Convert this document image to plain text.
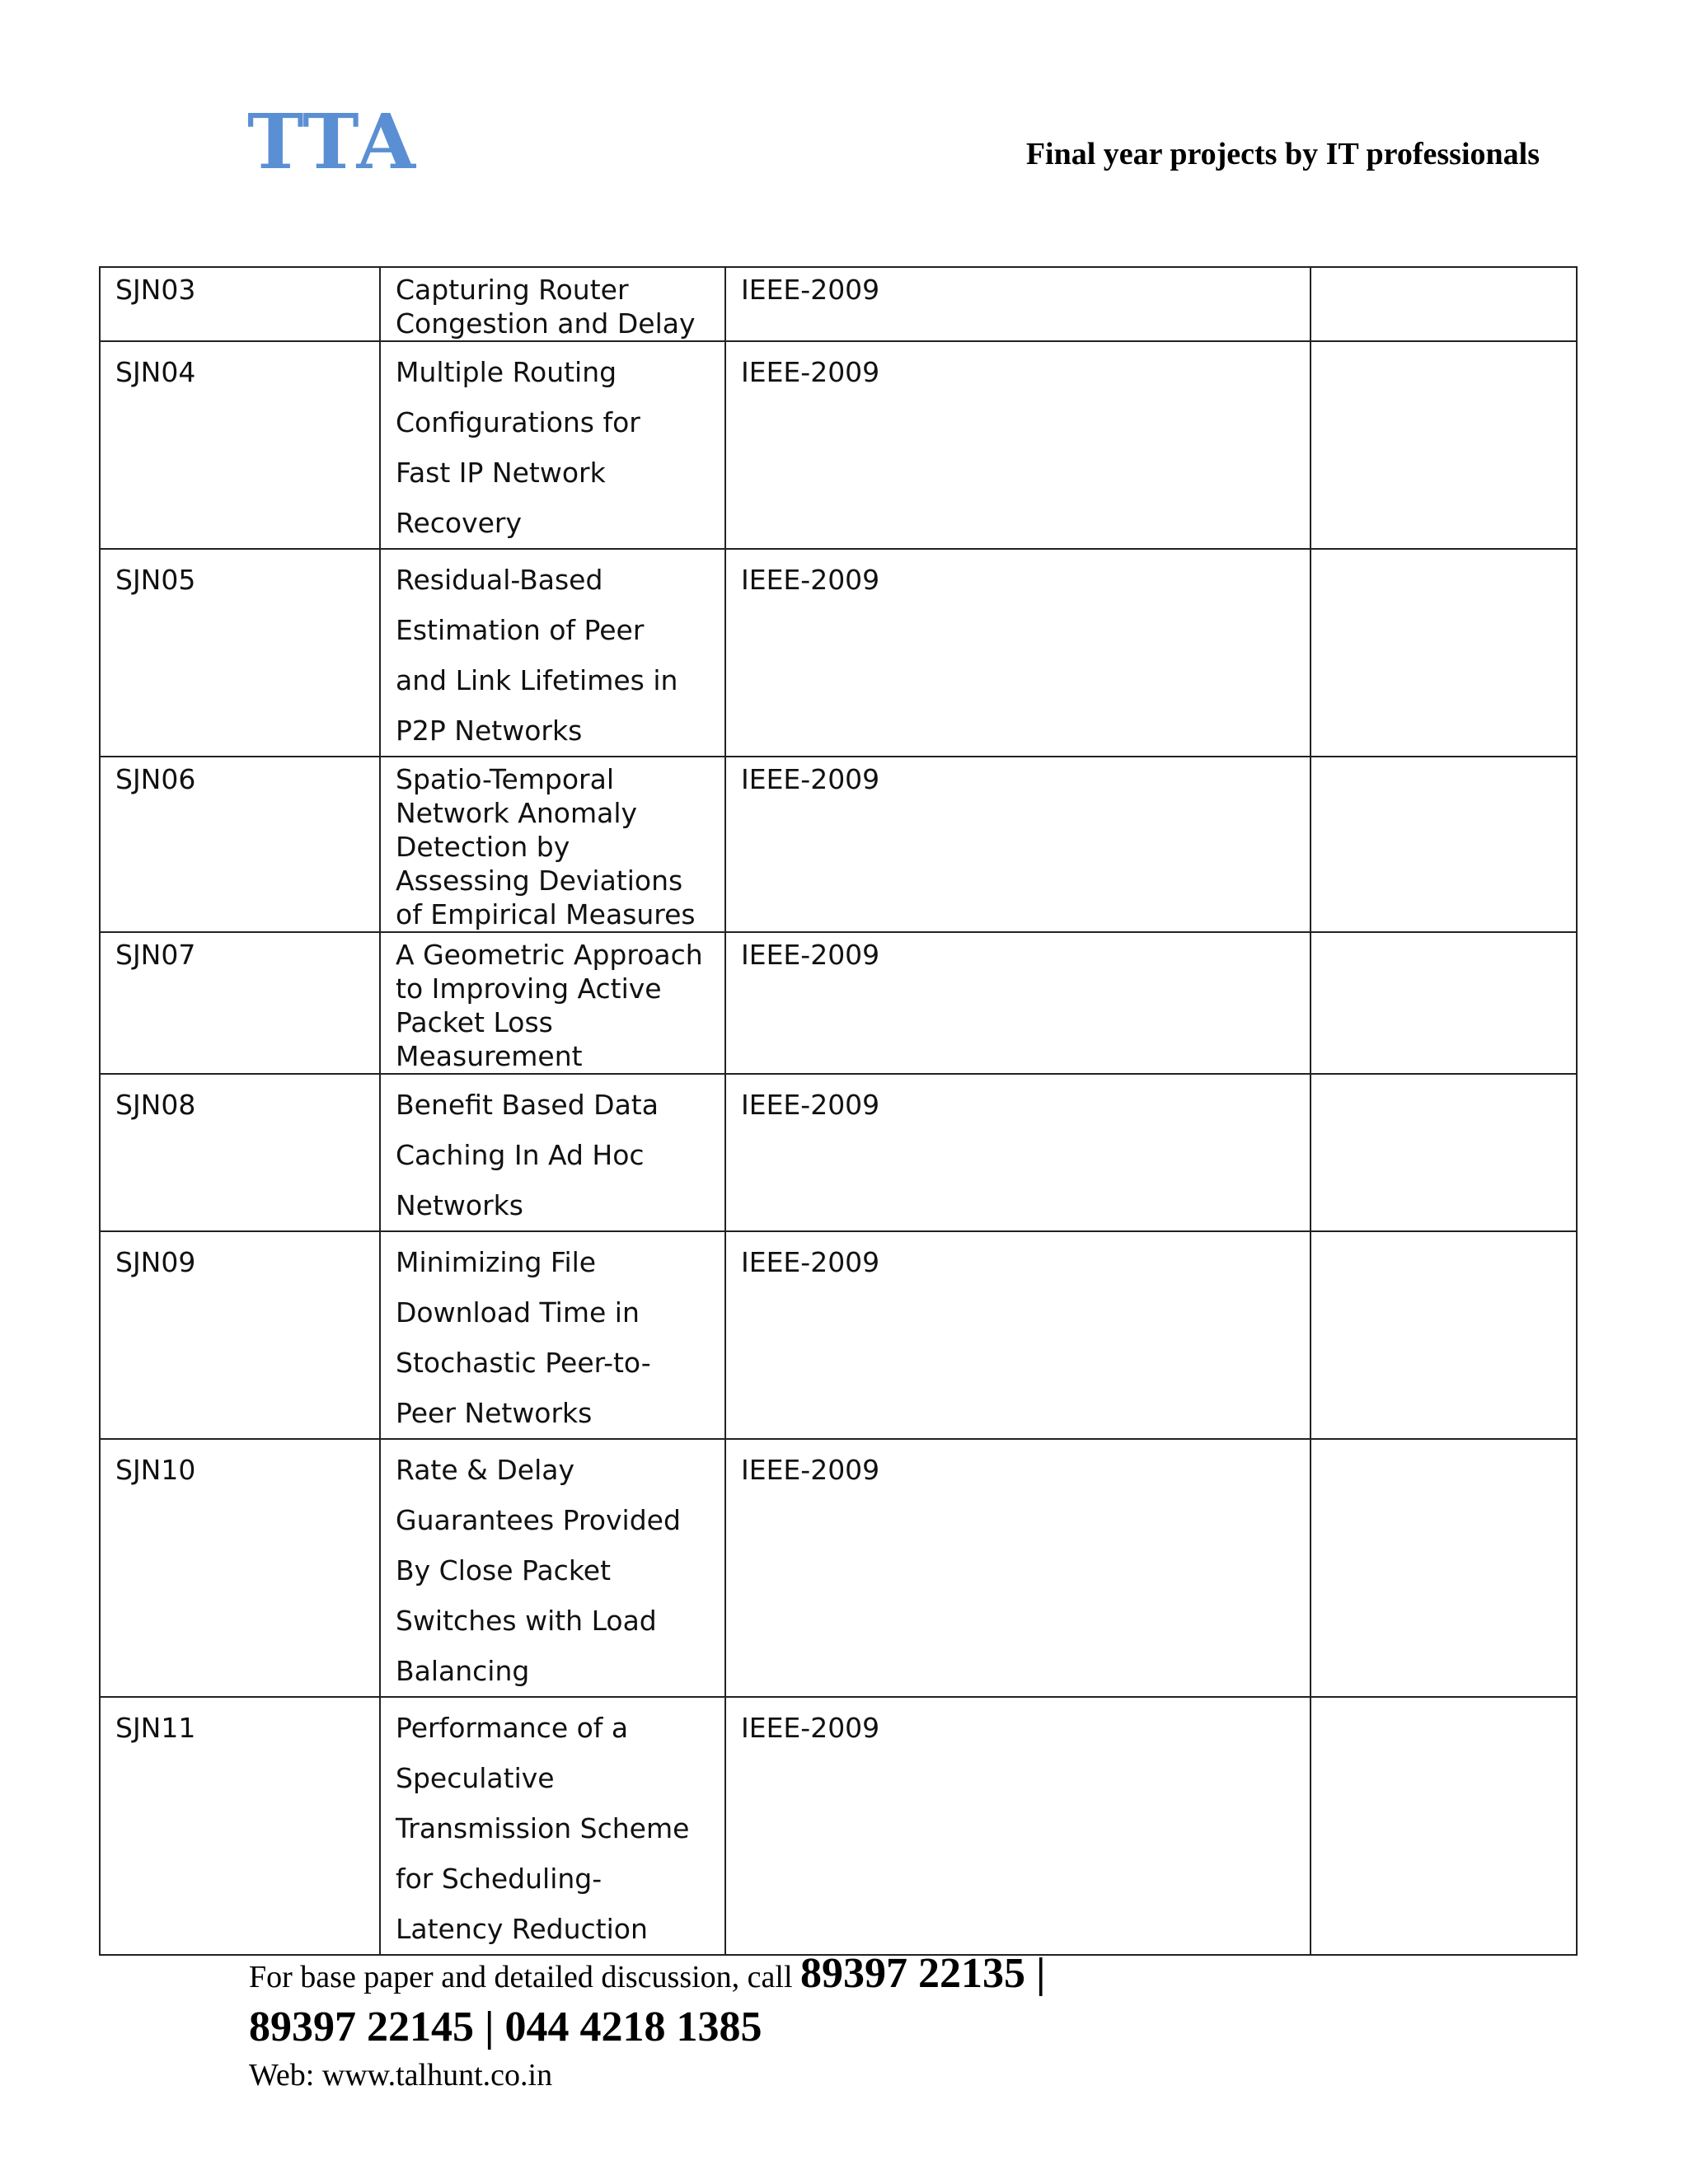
TTA	Final year projects by IT professionals
SJN03	Capturing Router
Congestion and Delay	IEEE-2009	

SJN04	Multiple Routing
Configurations for
Fast IP Network
Recovery	IEEE-2009	

SJN05	Residual-Based
Estimation of Peer
and Link Lifetimes in
P2P Networks	IEEE-2009	

SJN06	Spatio-Temporal
Network Anomaly
Detection by
Assessing Deviations
of Empirical Measures	IEEE-2009	

SJN07	A Geometric Approach
to Improving Active
Packet Loss
Measurement	IEEE-2009	

SJN08	Benefit Based Data
Caching In Ad Hoc
Networks	IEEE-2009	

SJN09	Minimizing File
Download Time in
Stochastic Peer-to-
Peer Networks	IEEE-2009	

SJN10	Rate & Delay
Guarantees Provided
By Close Packet
Switches with Load
Balancing	IEEE-2009	

SJN11	Performance of a
Speculative
Transmission Scheme
for Scheduling-
Latency Reduction	IEEE-2009	

For base paper and detailed discussion, call 89397 22135 |
89397 22145 | 044 4218 1385
Web: www.talhunt.co.in
